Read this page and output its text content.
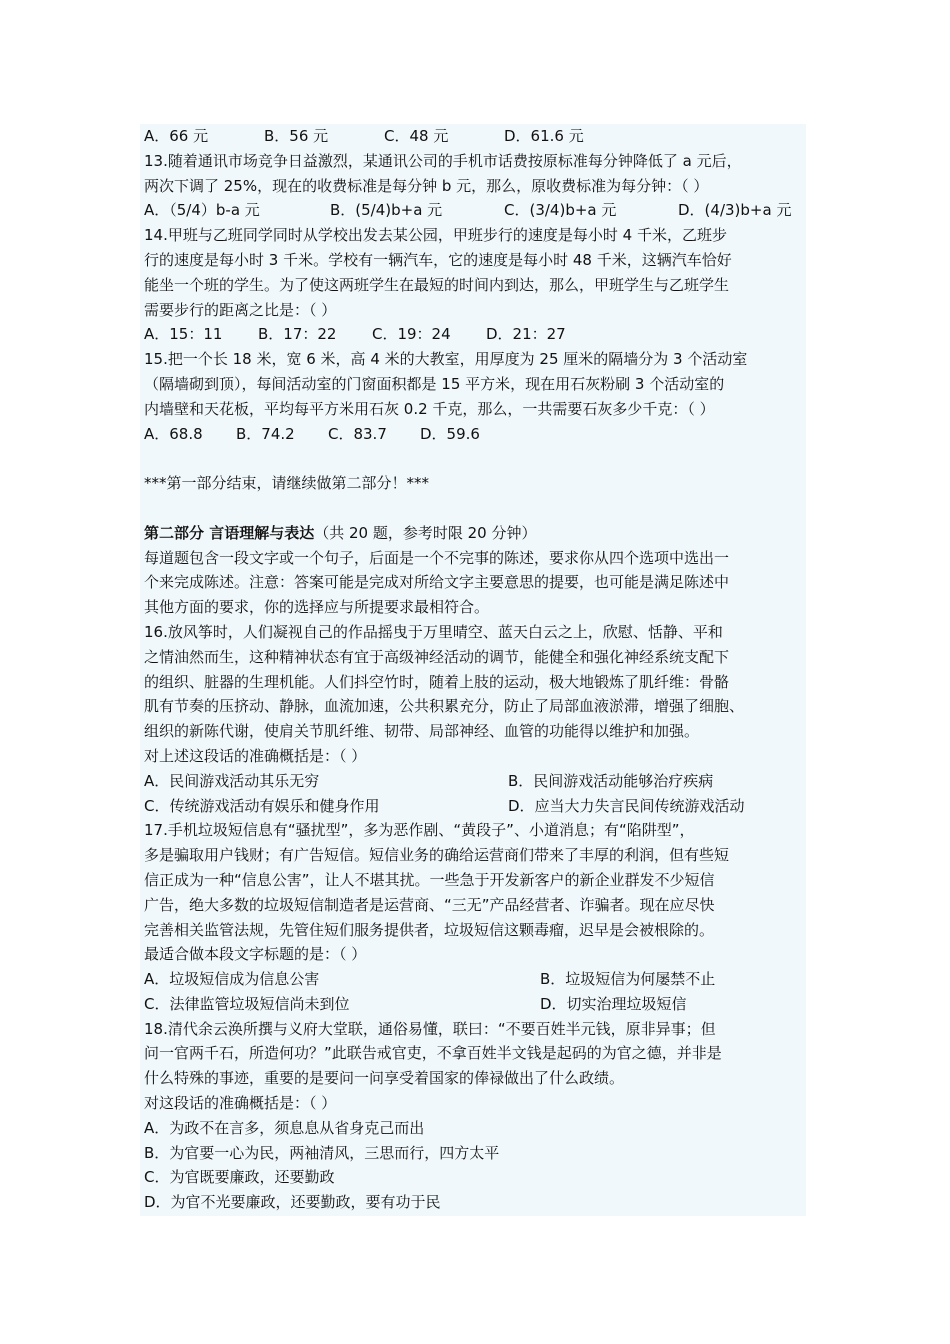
A．66 元	B．56 元	C．48 元	D．61.6 元
13.随着通讯市场竞争日益激烈，某通讯公司的手机市话费按原标准每分钟降低了 a 元后，
两次下调了 25%，现在的收费标准是每分钟 b 元，那么，原收费标准为每分钟：（ ）
A．（5/4）b-a 元	B．(5/4)b+a 元	C．(3/4)b+a 元	D．(4/3)b+a 元
14.甲班与乙班同学同时从学校出发去某公园，甲班步行的速度是每小时 4 千米，乙班步
行的速度是每小时 3 千米。学校有一辆汽车，它的速度是每小时 48 千米，这辆汽车恰好
能坐一个班的学生。为了使这两班学生在最短的时间内到达，那么，甲班学生与乙班学生
需要步行的距离之比是：（ ）
A．15：11	B．17：22	C．19：24	D．21：27
15.把一个长 18 米，宽 6 米，高 4 米的大教室，用厚度为 25 厘米的隔墙分为 3 个活动室
（隔墙砌到顶），每间活动室的门窗面积都是 15 平方米，现在用石灰粉刷 3 个活动室的
内墙壁和天花板，平均每平方米用石灰 0.2 千克，那么，一共需要石灰多少千克：（ ）
A．68.8	B．74.2	C．83.7	D．59.6
***第一部分结束，请继续做第二部分！***
第二部分 言语理解与表达（共 20 题，参考时限 20 分钟）
每道题包含一段文字或一个句子，后面是一个不完事的陈述，要求你从四个选项中选出一
个来完成陈述。注意：答案可能是完成对所给文字主要意思的提要，也可能是满足陈述中
其他方面的要求，你的选择应与所提要求最相符合。
16.放风筝时，人们凝视自己的作品摇曳于万里晴空、蓝天白云之上，欣慰、恬静、平和
之情油然而生，这种精神状态有宜于高级神经活动的调节，能健全和强化神经系统支配下
的组织、脏器的生理机能。人们抖空竹时，随着上肢的运动，极大地锻炼了肌纤维：骨骼
肌有节奏的压挤动、静脉，血流加速，公共积累充分，防止了局部血液淤滞，增强了细胞、
组织的新陈代谢，使肩关节肌纤维、韧带、局部神经、血管的功能得以维护和加强。
对上述这段话的准确概括是：（ ）
A．民间游戏活动其乐无穷	B．民间游戏活动能够治疗疾病
C．传统游戏活动有娱乐和健身作用	D．应当大力失言民间传统游戏活动
17.手机垃圾短信息有“骚扰型”，多为恶作剧、“黄段子”、小道消息；有“陷阱型”，
多是骗取用户钱财；有广告短信。短信业务的确给运营商们带来了丰厚的利润，但有些短
信正成为一种“信息公害”，让人不堪其扰。一些急于开发新客户的新企业群发不少短信
广告，绝大多数的垃圾短信制造者是运营商、“三无”产品经营者、诈骗者。现在应尽快
完善相关监管法规，先管住短们服务提供者，垃圾短信这颗毒瘤，迟早是会被根除的。
最适合做本段文字标题的是：（ ）
A．垃圾短信成为信息公害	B．垃圾短信为何屡禁不止
C．法律监管垃圾短信尚未到位	D．切实治理垃圾短信
18.清代余云涣所撰与义府大堂联，通俗易懂，联曰：“不要百姓半元钱，原非异事；但
问一官两千石，所造何功？”此联告戒官吏，不拿百姓半文钱是起码的为官之德，并非是
什么特殊的事迹，重要的是要问一问享受着国家的俸禄做出了什么政绩。
对这段话的准确概括是：（ ）
A．为政不在言多，须息息从省身克己而出
B．为官要一心为民，两袖清风，三思而行，四方太平
C．为官既要廉政，还要勤政
D．为官不光要廉政，还要勤政，要有功于民
